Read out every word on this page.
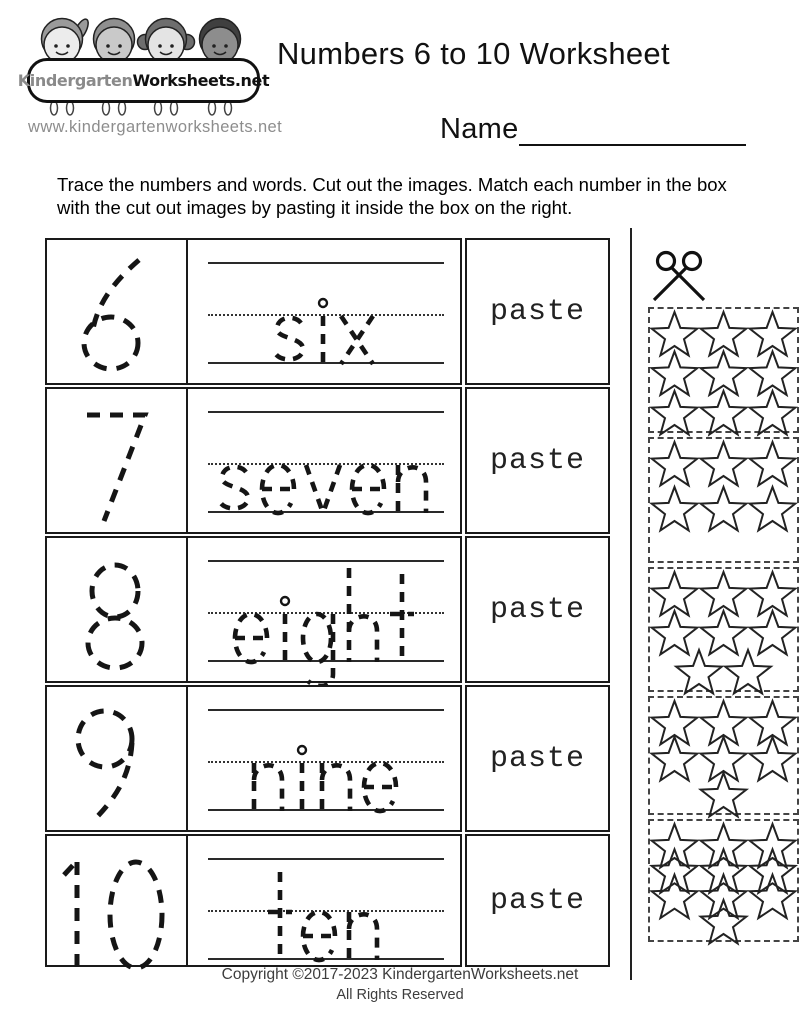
Kindergarten Worksheets.net
www.kindergartenworksheets.net
Numbers 6 to 10 Worksheet
Name
Trace the numbers and words. Cut out the images. Match each number in the box with the cut out images by pasting it inside the box on the right.
paste
paste
paste
paste
paste
Copyright ©2017-2023 KindergartenWorksheets.net
All Rights Reserved
